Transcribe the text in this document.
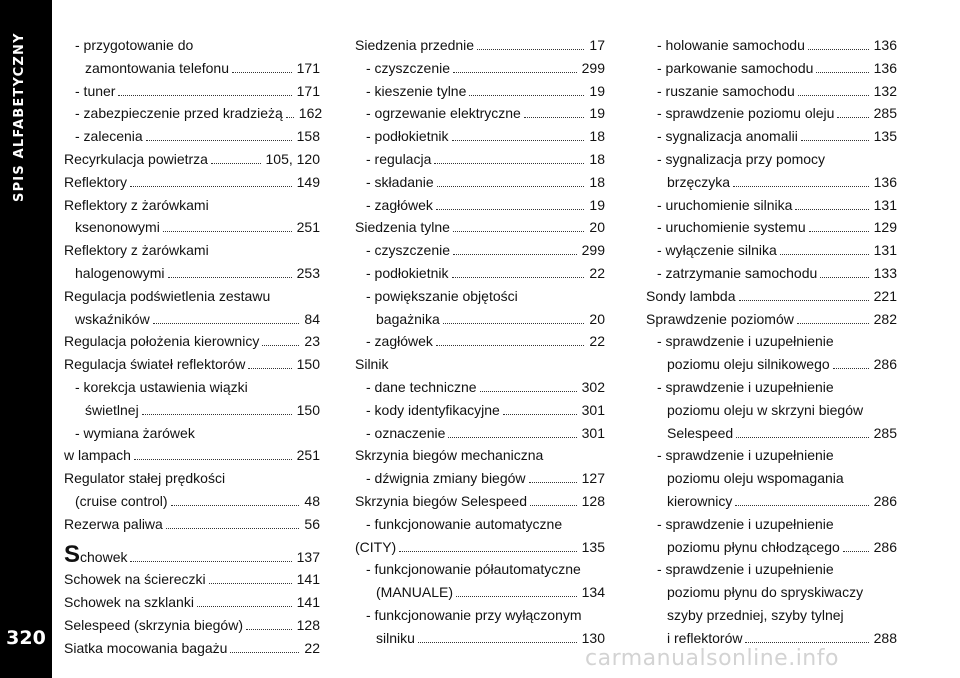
SPIS ALFABETYCZNY
320
- przygotowanie do
zamontowania telefonu	171
- tuner	171
- zabezpieczenie przed kradzieżą 162
- zalecenia	158
Recyrkulacja powietrza	105, 120
Reflektory	149
Reflektory z żarówkami
ksenonowymi	251
Reflektory z żarówkami
halogenowymi	253
Regulacja podświetlenia zestawu
wskaźników	84
Regulacja położenia kierownicy	23
Regulacja świateł reflektorów	150
- korekcja ustawienia wiązki
świetlnej	150
- wymiana żarówek
w lampach	251
Regulator stałej prędkości
(cruise control)	48
Rezerwa paliwa	56
S chowek	137
Schowek na ściereczki	141
Schowek na szklanki	141
Selespeed (skrzynia biegów)	128
Siatka mocowania bagażu	22
Siedzenia przednie	17
- czyszczenie	299
- kieszenie tylne	19
- ogrzewanie elektryczne	19
- podłokietnik	18
- regulacja	18
- składanie	18
- zagłówek	19
Siedzenia tylne	20
- czyszczenie	299
- podłokietnik	22
- powiększanie objętości
bagażnika	20
- zagłówek	22
Silnik
- dane techniczne	302
- kody identyfikacyjne	301
- oznaczenie	301
Skrzynia biegów mechaniczna
- dźwignia zmiany biegów	127
Skrzynia biegów Selespeed	128
- funkcjonowanie automatyczne
(CITY)	135
- funkcjonowanie półautomatyczne
(MANUALE)	134
- funkcjonowanie przy wyłączonym
silniku	130
- holowanie samochodu	136
- parkowanie samochodu	136
- ruszanie samochodu	132
- sprawdzenie poziomu oleju	285
- sygnalizacja anomalii	135
- sygnalizacja przy pomocy
brzęczyka	136
- uruchomienie silnika	131
- uruchomienie systemu	129
- wyłączenie silnika	131
- zatrzymanie samochodu	133
Sondy lambda	221
Sprawdzenie poziomów	282
- sprawdzenie i uzupełnienie
poziomu oleju silnikowego	286
- sprawdzenie i uzupełnienie
poziomu oleju w skrzyni biegów
Selespeed	285
- sprawdzenie i uzupełnienie
poziomu oleju wspomagania
kierownicy	286
- sprawdzenie i uzupełnienie
poziomu płynu chłodzącego 286
- sprawdzenie i uzupełnienie
poziomu płynu do spryskiwaczy
szyby przedniej, szyby tylnej
i reflektorów	288
carmanualsonline.info
